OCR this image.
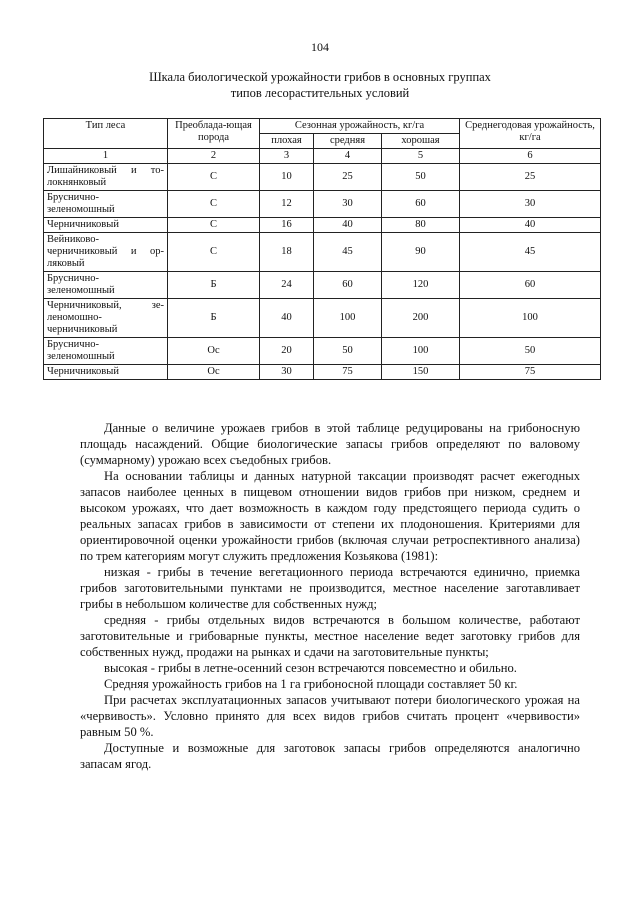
104
Шкала биологической урожайности грибов в основных группах
типов лесорастительных условий
Тип леса	Преоблада-ющая порода	Сезонная урожайность, кг/га			Среднегодовая урожайность, кг/га
		плохая	средняя	хорошая	
1	2	3	4	5	6
Лишайниковый и то-локнянковый	С	10	25	50	25
Бруснично-зеленомошный	С	12	30	60	30
Черничниковый	С	16	40	80	40
Вейниково-черничниковый и ор-ляковый	С	18	45	90	45
Бруснично-зеленомошный	Б	24	60	120	60
Черничниковый, зе-леномошно-черничниковый	Б	40	100	200	100
Бруснично-зеленомошный	Ос	20	50	100	50
Черничниковый	Ос	30	75	150	75

Данные о величине урожаев грибов в этой таблице редуцированы на грибоносную площадь насаждений. Общие биологические запасы грибов определяют по валовому (суммарному) урожаю всех съедобных грибов.

На основании таблицы и данных натурной таксации производят расчет ежегодных запасов наиболее ценных в пищевом отношении видов грибов при низком, среднем и высоком урожаях, что дает возможность в каждом году предстоящего периода судить о реальных запасах грибов в зависимости от степени их плодоношения. Критериями для ориентировочной оценки урожайности грибов (включая случаи ретроспективного анализа) по трем категориям могут служить предложения Козьякова (1981):

низкая - грибы в течение вегетационного периода встречаются единично, приемка грибов заготовительными пунктами не производится, местное население заготавливает грибы в небольшом количестве для собственных нужд;

средняя - грибы отдельных видов встречаются в большом количестве, работают заготовительные и грибоварные пункты, местное население ведет заготовку грибов для собственных нужд, продажи на рынках и сдачи на заготовительные пункты;

высокая - грибы в летне-осенний сезон встречаются повсеместно и обильно.

Средняя урожайность грибов на 1 га грибоносной площади составляет 50 кг.

При расчетах эксплуатационных запасов учитывают потери биологического урожая на «червивость». Условно принято для всех видов грибов считать процент «червивости» равным 50 %.

Доступные и возможные для заготовок запасы грибов определяются аналогично запасам ягод.
